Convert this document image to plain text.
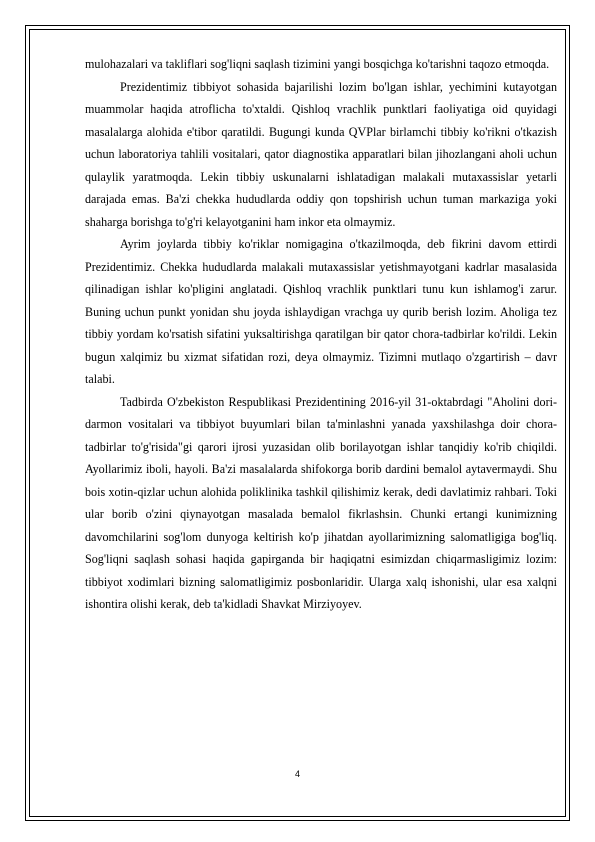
mulohazalari va takliflari sog'liqni saqlash tizimini yangi bosqichga ko'tarishni taqozo etmoqda.

Prezidentimiz tibbiyot sohasida bajarilishi lozim bo'lgan ishlar, yechimini kutayotgan muammolar haqida atroflicha to'xtaldi. Qishloq vrachlik punktlari faoliyatiga oid quyidagi masalalarga alohida e'tibor qaratildi. Bugungi kunda QVPlar birlamchi tibbiy ko'rikni o'tkazish uchun laboratoriya tahlili vositalari, qator diagnostika apparatlari bilan jihozlangani aholi uchun qulaylik yaratmoqda. Lekin tibbiy uskunalarni ishlatadigan malakali mutaxassislar yetarli darajada emas. Ba'zi chekka hududlarda oddiy qon topshirish uchun tuman markaziga yoki shaharga borishga to'g'ri kelayotganini ham inkor eta olmaymiz.

Ayrim joylarda tibbiy ko'riklar nomigagina o'tkazilmoqda, deb fikrini davom ettirdi Prezidentimiz. Chekka hududlarda malakali mutaxassislar yetishmayotgani kadrlar masalasida qilinadigan ishlar ko'pligini anglatadi. Qishloq vrachlik punktlari tunu kun ishlamog'i zarur. Buning uchun punkt yonidan shu joyda ishlaydigan vrachga uy qurib berish lozim. Aholiga tez tibbiy yordam ko'rsatish sifatini yuksaltirishga qaratilgan bir qator chora-tadbirlar ko'rildi. Lekin bugun xalqimiz bu xizmat sifatidan rozi, deya olmaymiz. Tizimni mutlaqo o'zgartirish – davr talabi.

Tadbirda O'zbekiston Respublikasi Prezidentining 2016-yil 31-oktabrdagi "Aholini dori-darmon vositalari va tibbiyot buyumlari bilan ta'minlashni yanada yaxshilashga doir chora-tadbirlar to'g'risida"gi qarori ijrosi yuzasidan olib borilayotgan ishlar tanqidiy ko'rib chiqildi. Ayollarimiz iboli, hayoli. Ba'zi masalalarda shifokorga borib dardini bemalol aytavermaydi. Shu bois xotin-qizlar uchun alohida poliklinika tashkil qilishimiz kerak, dedi davlatimiz rahbari. Toki ular borib o'zini qiynayotgan masalada bemalol fikrlashsin. Chunki ertangi kunimizning davomchilarini sog'lom dunyoga keltirish ko'p jihatdan ayollarimizning salomatligiga bog'liq. Sog'liqni saqlash sohasi haqida gapirganda bir haqiqatni esimizdan chiqarmasligimiz lozim: tibbiyot xodimlari bizning salomatligimiz posbonlaridir. Ularga xalq ishonishi, ular esa xalqni ishontira olishi kerak, deb ta'kidladi Shavkat Mirziyoyev.

4
